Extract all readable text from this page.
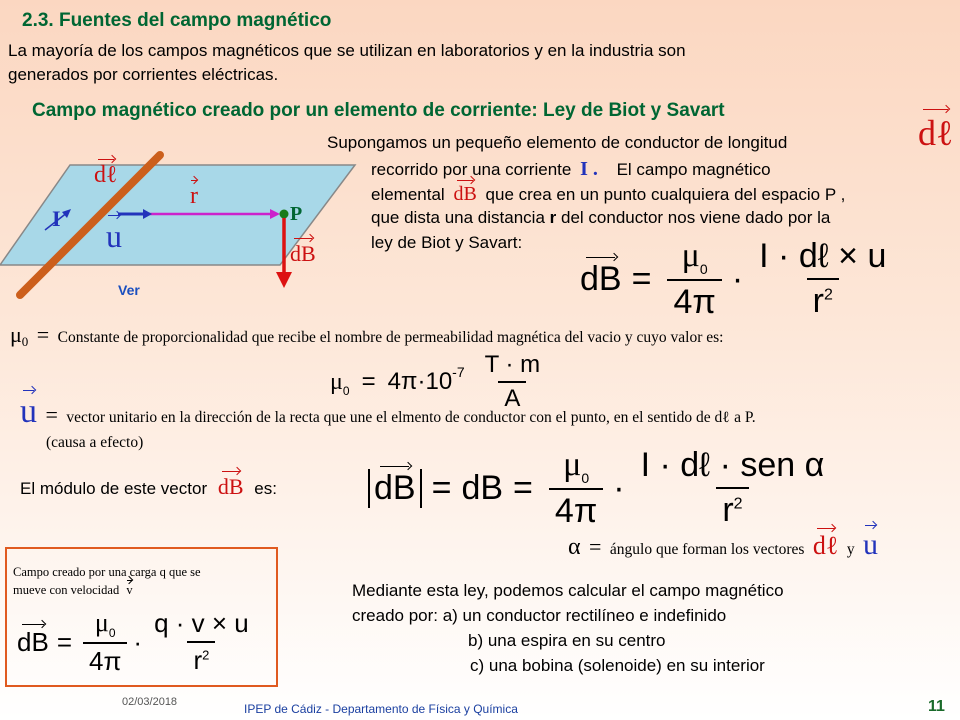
2.3. Fuentes del campo magnético
La mayoría de los campos magnéticos que se utilizan en laboratorios y en la industria son
generados por corrientes eléctricas.
Campo magnético creado por un elemento de corriente: Ley de Biot y Savart
dℓ
Supongamos un pequeño elemento de conductor de longitud
recorrido por una corriente I . El campo magnético
elemental dB que crea en un punto cualquiera del espacio P ,
que dista una distancia r del conductor nos viene dado por la
ley de Biot y Savart:
dℓ
r
I u
P
dB
Ver	dB = $\frac{\mu_0}{4\pi} \cdot \frac{\text{I · dℓ × u}}{r^2}$
$\mu_0$ = Constante de proporcionalidad que recibe el nombre de permeabilidad magnética del vacio y cuyo valor es:
$\mu_0 = 4\pi\cdot 10^{-7} \frac{T \cdot m}{A}$
u = vector unitario en la dirección de la recta que une el elmento de conductor con el punto, en el sentido de dℓ a P.
(causa a efecto)
El módulo de este vector dB es:	dB = dB = $\frac{\mu_0}{4\pi} \cdot \frac{\text{I · dℓ · sen α}}{r^2}$
α = ángulo que forman los vectores dℓ y u
Campo creado por una carga q que se
mueve con velocidad v
dB = $\frac{\mu_0}{4\pi} \cdot \frac{q \cdot v \times u}{r^2}$
Mediante esta ley, podemos calcular el campo magnético
creado por: a) un conductor rectilíneo e indefinido
b) una espira en su centro
c) una bobina (solenoide) en su interior
02/03/2018	IPEP de Cádiz - Departamento de Física y Química	11
